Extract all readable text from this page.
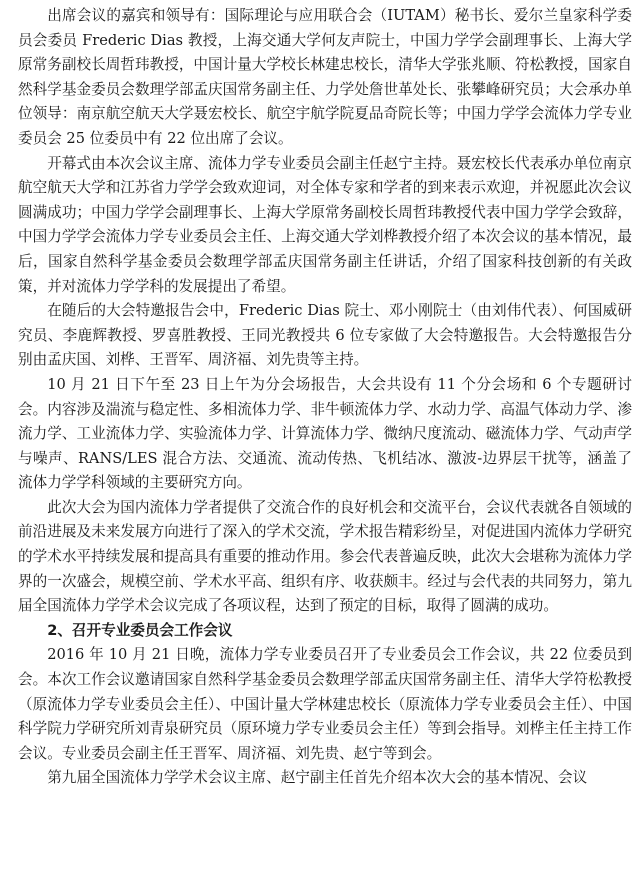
出席会议的嘉宾和领导有：国际理论与应用联合会（IUTAM）秘书长、爱尔兰皇家科学委员会委员 Frederic Dias 教授，上海交通大学何友声院士，中国力学学会副理事长、上海大学原常务副校长周哲玮教授，中国计量大学校长林建忠校长，清华大学张兆顺、符松教授，国家自然科学基金委员会数理学部孟庆国常务副主任、力学处詹世革处长、张攀峰研究员；大会承办单位领导：南京航空航天大学聂宏校长、航空宇航学院夏品奇院长等；中国力学学会流体力学专业委员会 25 位委员中有 22 位出席了会议。

开幕式由本次会议主席、流体力学专业委员会副主任赵宁主持。聂宏校长代表承办单位南京航空航天大学和江苏省力学学会致欢迎词，对全体专家和学者的到来表示欢迎，并祝愿此次会议圆满成功；中国力学学会副理事长、上海大学原常务副校长周哲玮教授代表中国力学学会致辞，中国力学学会流体力学专业委员会主任、上海交通大学刘桦教授介绍了本次会议的基本情况，最后，国家自然科学基金委员会数理学部孟庆国常务副主任讲话，介绍了国家科技创新的有关政策，并对流体力学学科的发展提出了希望。

在随后的大会特邀报告会中，Frederic Dias 院士、邓小刚院士（由刘伟代表）、何国威研究员、李鹿辉教授、罗喜胜教授、王同光教授共 6 位专家做了大会特邀报告。大会特邀报告分别由孟庆国、刘桦、王晋军、周济福、刘先贵等主持。

10 月 21 日下午至 23 日上午为分会场报告，大会共设有 11 个分会场和 6 个专题研讨会。内容涉及湍流与稳定性、多相流体力学、非牛顿流体力学、水动力学、高温气体动力学、渗流力学、工业流体力学、实验流体力学、计算流体力学、微纳尺度流动、磁流体力学、气动声学与噪声、RANS/LES 混合方法、交通流、流动传热、飞机结冰、激波-边界层干扰等，涵盖了流体力学学科领域的主要研究方向。

此次大会为国内流体力学者提供了交流合作的良好机会和交流平台，会议代表就各自领域的前沿进展及未来发展方向进行了深入的学术交流，学术报告精彩纷呈，对促进国内流体力学研究的学术水平持续发展和提高具有重要的推动作用。参会代表普遍反映，此次大会堪称为流体力学界的一次盛会，规模空前、学术水平高、组织有序、收获颇丰。经过与会代表的共同努力，第九届全国流体力学学术会议完成了各项议程，达到了预定的目标，取得了圆满的成功。

2、召开专业委员会工作会议

2016 年 10 月 21 日晚，流体力学专业委员召开了专业委员会工作会议，共 22 位委员到会。本次工作会议邀请国家自然科学基金委员会数理学部孟庆国常务副主任、清华大学符松教授（原流体力学专业委员会主任）、中国计量大学林建忠校长（原流体力学专业委员会主任）、中国科学院力学研究所刘青泉研究员（原环境力学专业委员会主任）等到会指导。刘桦主任主持工作会议。专业委员会副主任王晋军、周济福、刘先贵、赵宁等到会。

第九届全国流体力学学术会议主席、赵宁副主任首先介绍本次大会的基本情况、会议
